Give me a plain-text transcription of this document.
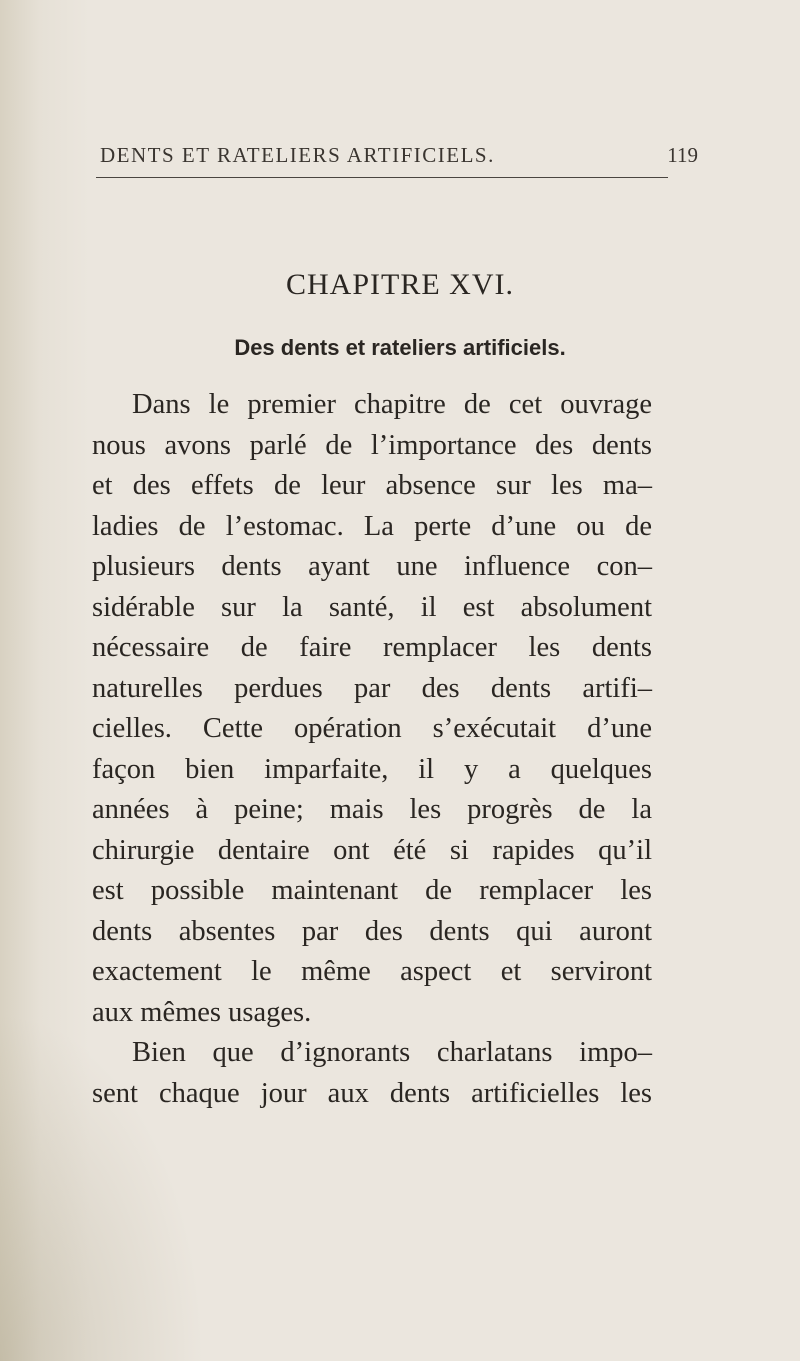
DENTS ET RATELIERS ARTIFICIELS.	119
CHAPITRE XVI.
Des dents et rateliers artificiels.
Dans le premier chapitre de cet ouvrage
nous avons parlé de l’importance des dents
et des effets de leur absence sur les ma–
ladies de l’estomac. La perte d’une ou de
plusieurs dents ayant une influence con–
sidérable sur la santé, il est absolument
nécessaire de faire remplacer les dents
naturelles perdues par des dents artifi–
cielles. Cette opération s’exécutait d’une
façon bien imparfaite, il y a quelques
années à peine; mais les progrès de la
chirurgie dentaire ont été si rapides qu’il
est possible maintenant de remplacer les
dents absentes par des dents qui auront
exactement le même aspect et serviront
aux mêmes usages.
Bien que d’ignorants charlatans impo–
sent chaque jour aux dents artificielles les
